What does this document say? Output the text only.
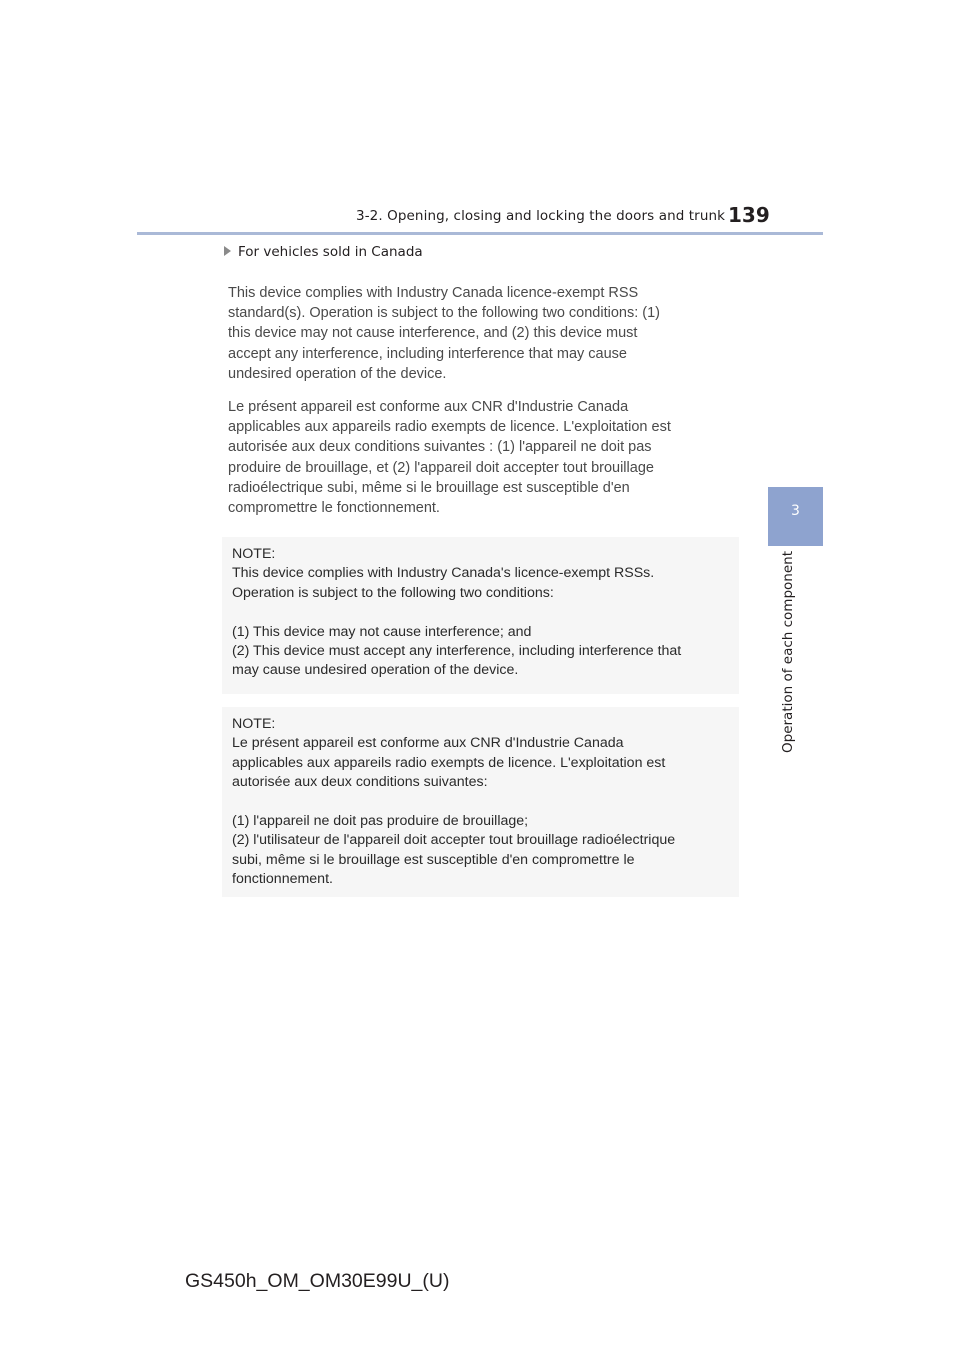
3-2. Opening, closing and locking the doors and trunk 139
3
Operation of each component
For vehicles sold in Canada

This device complies with Industry Canada licence-exempt RSS

standard(s). Operation is subject to the following two conditions: (1)

this device may not cause interference, and (2) this device must

accept any interference, including interference that may cause

undesired operation of the device.

Le présent appareil est conforme aux CNR d'Industrie Canada

applicables aux appareils radio exempts de licence. L'exploitation est

autorisée aux deux conditions suivantes : (1) l'appareil ne doit pas

produire de brouillage, et (2) l'appareil doit accepter tout brouillage

radioélectrique subi, même si le brouillage est susceptible d'en

compromettre le fonctionnement.

NOTE:

This device complies with Industry Canada's licence-exempt RSSs.

Operation is subject to the following two conditions:

(1) This device may not cause interference; and

(2) This device must accept any interference, including interference that

may cause undesired operation of the device.

NOTE:

Le présent appareil est conforme aux CNR d'Industrie Canada

applicables aux appareils radio exempts de licence. L'exploitation est

autorisée aux deux conditions suivantes:

(1) l'appareil ne doit pas produire de brouillage;

(2) l'utilisateur de l'appareil doit accepter tout brouillage radioélectrique

subi, même si le brouillage est susceptible d'en compromettre le

fonctionnement.

GS450h_OM_OM30E99U_(U)
